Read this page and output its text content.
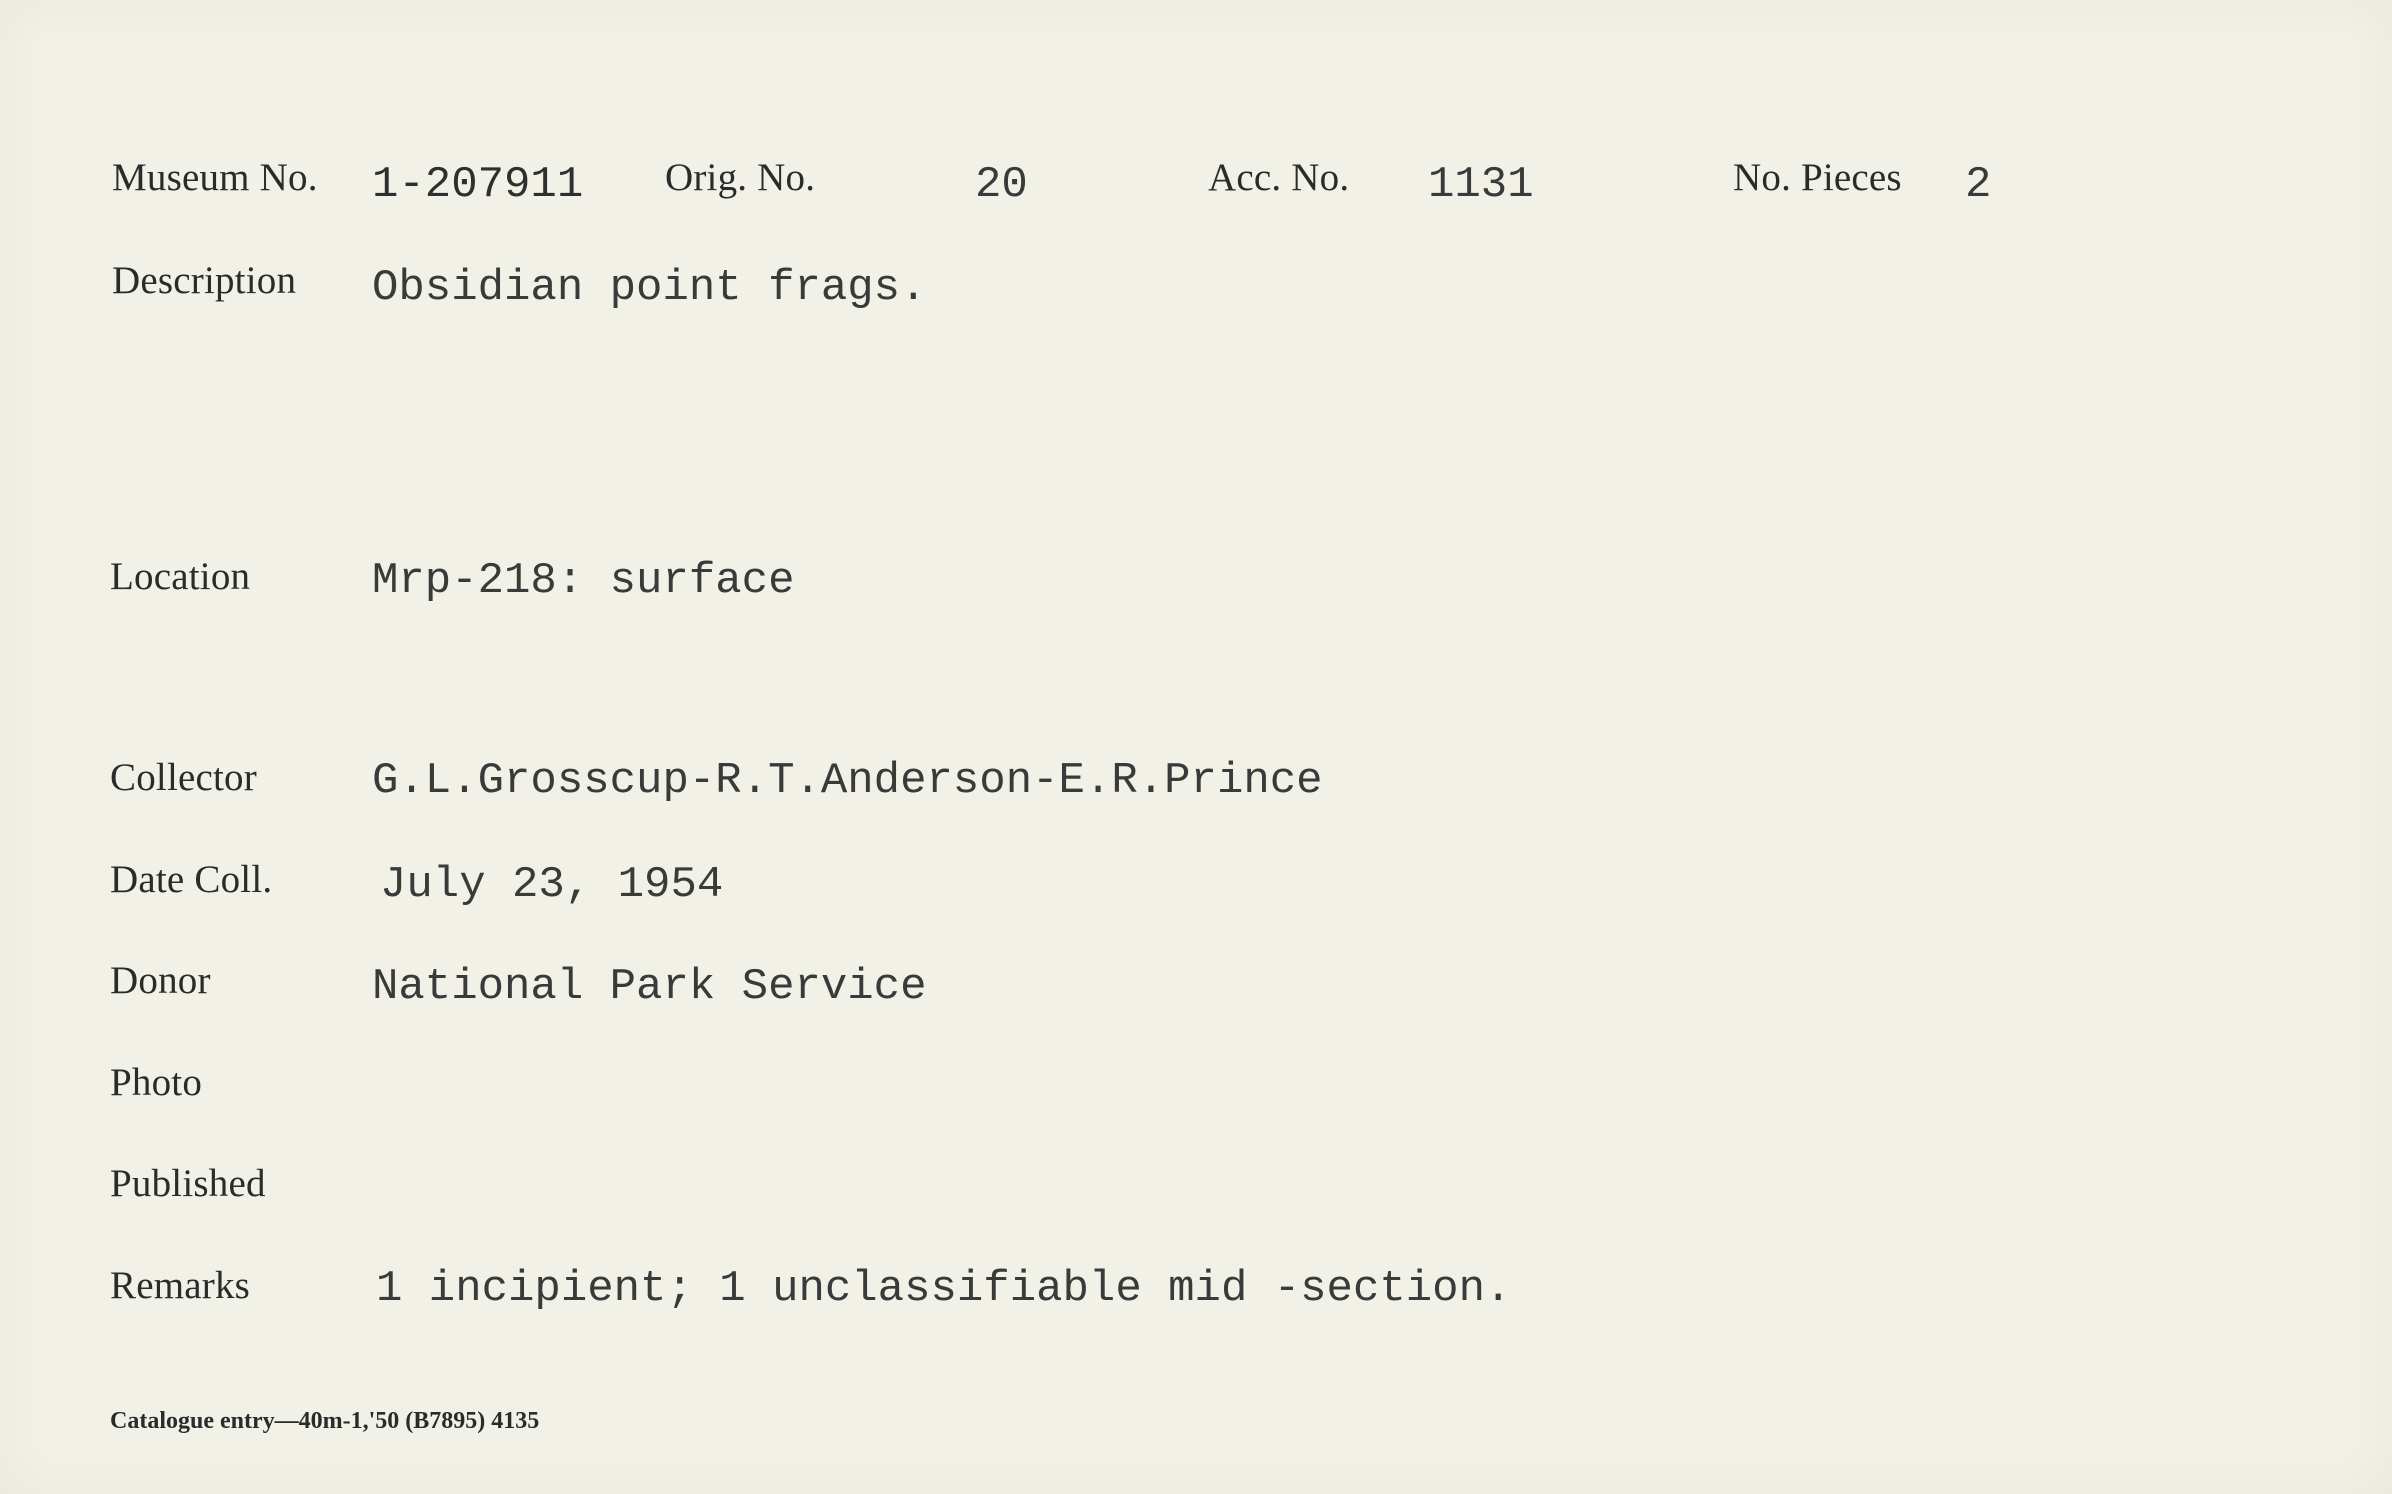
Museum No. 1-207911 Orig. No.	20	Acc. No. 1131	No. Pieces 2
Description Obsidian point frags.
Location	Mrp-218: surface
Collector	G.L.Grosscup-R.T.Anderson-E.R.Prince
Date Coll. July 23, 1954
Donor	National Park Service
Photo
Published
Remarks	1 incipient; 1 unclassifiable mid -section.
Catalogue entry—40m-1,'50 (B7895) 4135
